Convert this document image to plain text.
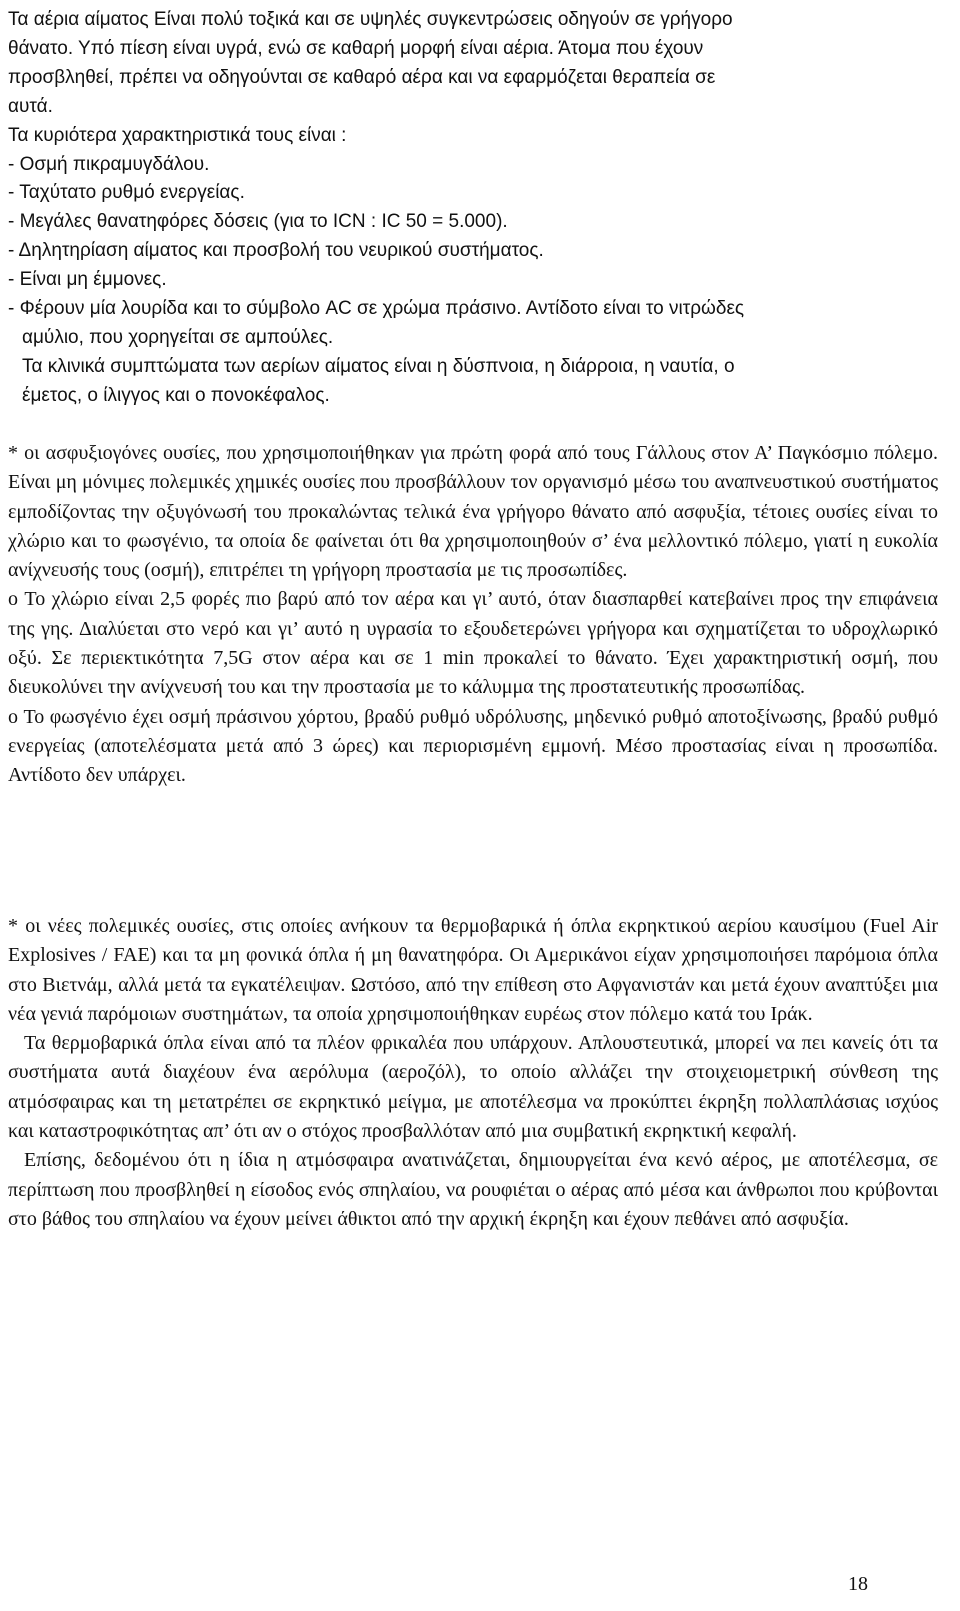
Τα αέρια αίματος Είναι πολύ τοξικά και σε υψηλές συγκεντρώσεις οδηγούν σε γρήγορο
θάνατο. Υπό πίεση είναι υγρά, ενώ σε καθαρή μορφή είναι αέρια. Άτομα που έχουν
προσβληθεί, πρέπει να οδηγούνται σε καθαρό αέρα και να εφαρμόζεται θεραπεία σε
αυτά.
Τα κυριότερα χαρακτηριστικά τους είναι :
- Οσμή πικραμυγδάλου.
- Ταχύτατο ρυθμό ενεργείας.
- Μεγάλες θανατηφόρες δόσεις (για το ICN : IC 50 = 5.000).
- Δηλητηρίαση αίματος και προσβολή του νευρικού συστήματος.
- Είναι μη έμμονες.
- Φέρουν μία λουρίδα και το σύμβολο AC σε χρώμα πράσινο. Αντίδοτο είναι το νιτρώδες
αμύλιο, που χορηγείται σε αμπούλες.
Τα κλινικά συμπτώματα των αερίων αίματος είναι η δύσπνοια, η διάρροια, η ναυτία, ο
έμετος, ο ίλιγγος και ο πονοκέφαλος.

* οι ασφυξιογόνες ουσίες, που χρησιμοποιήθηκαν για πρώτη φορά από τους Γάλλους στον Α’ Παγκόσμιο πόλεμο. Είναι μη μόνιμες πολεμικές χημικές ουσίες που προσβάλλουν τον οργανισμό μέσω του αναπνευστικού συστήματος εμποδίζοντας την οξυγόνωσή του προκαλώντας τελικά ένα γρήγορο θάνατο από ασφυξία, τέτοιες ουσίες είναι το χλώριο και το φωσγένιο, τα οποία δε φαίνεται ότι θα χρησιμοποιηθούν σ’ ένα μελλοντικό πόλεμο, γιατί η ευκολία ανίχνευσής τους (οσμή), επιτρέπει τη γρήγορη προστασία με τις προσωπίδες.

o Το χλώριο είναι 2,5 φορές πιο βαρύ από τον αέρα και γι’ αυτό, όταν διασπαρθεί κατεβαίνει προς την επιφάνεια της γης. Διαλύεται στο νερό και γι’ αυτό η υγρασία το εξουδετερώνει γρήγορα και σχηματίζεται το υδροχλωρικό οξύ. Σε περιεκτικότητα 7,5G στον αέρα και σε 1 min προκαλεί το θάνατο. Έχει χαρακτηριστική οσμή, που διευκολύνει την ανίχνευσή του και την προστασία με το κάλυμμα της προστατευτικής προσωπίδας.

o Το φωσγένιο έχει οσμή πράσινου χόρτου, βραδύ ρυθμό υδρόλυσης, μηδενικό ρυθμό αποτοξίνωσης, βραδύ ρυθμό ενεργείας (αποτελέσματα μετά από 3 ώρες) και περιορισμένη εμμονή. Μέσο προστασίας είναι η προσωπίδα. Αντίδοτο δεν υπάρχει.

* οι νέες πολεμικές ουσίες, στις οποίες ανήκουν τα θερμοβαρικά ή όπλα εκρηκτικού αερίου καυσίμου (Fuel Air Explosives / FAE) και τα μη φονικά όπλα ή μη θανατηφόρα. Οι Αμερικάνοι είχαν χρησιμοποιήσει παρόμοια όπλα στο Βιετνάμ, αλλά μετά τα εγκατέλειψαν. Ωστόσο, από την επίθεση στο Αφγανιστάν και μετά έχουν αναπτύξει μια νέα γενιά παρόμοιων συστημάτων, τα οποία χρησιμοποιήθηκαν ευρέως στον πόλεμο κατά του Ιράκ.

Τα θερμοβαρικά όπλα είναι από τα πλέον φρικαλέα που υπάρχουν. Απλουστευτικά, μπορεί να πει κανείς ότι τα συστήματα αυτά διαχέουν ένα αερόλυμα (αεροζόλ), το οποίο αλλάζει την στοιχειομετρική σύνθεση της ατμόσφαιρας και τη μετατρέπει σε εκρηκτικό μείγμα, με αποτέλεσμα να προκύπτει έκρηξη πολλαπλάσιας ισχύος και καταστροφικότητας απ’ ότι αν ο στόχος προσβαλλόταν από μια συμβατική εκρηκτική κεφαλή.

Επίσης, δεδομένου ότι η ίδια η ατμόσφαιρα ανατινάζεται, δημιουργείται ένα κενό αέρος, με αποτέλεσμα, σε περίπτωση που προσβληθεί η είσοδος ενός σπηλαίου, να ρουφιέται ο αέρας από μέσα και άνθρωποι που κρύβονται στο βάθος του σπηλαίου να έχουν μείνει άθικτοι από την αρχική έκρηξη και έχουν πεθάνει από ασφυξία.

18
